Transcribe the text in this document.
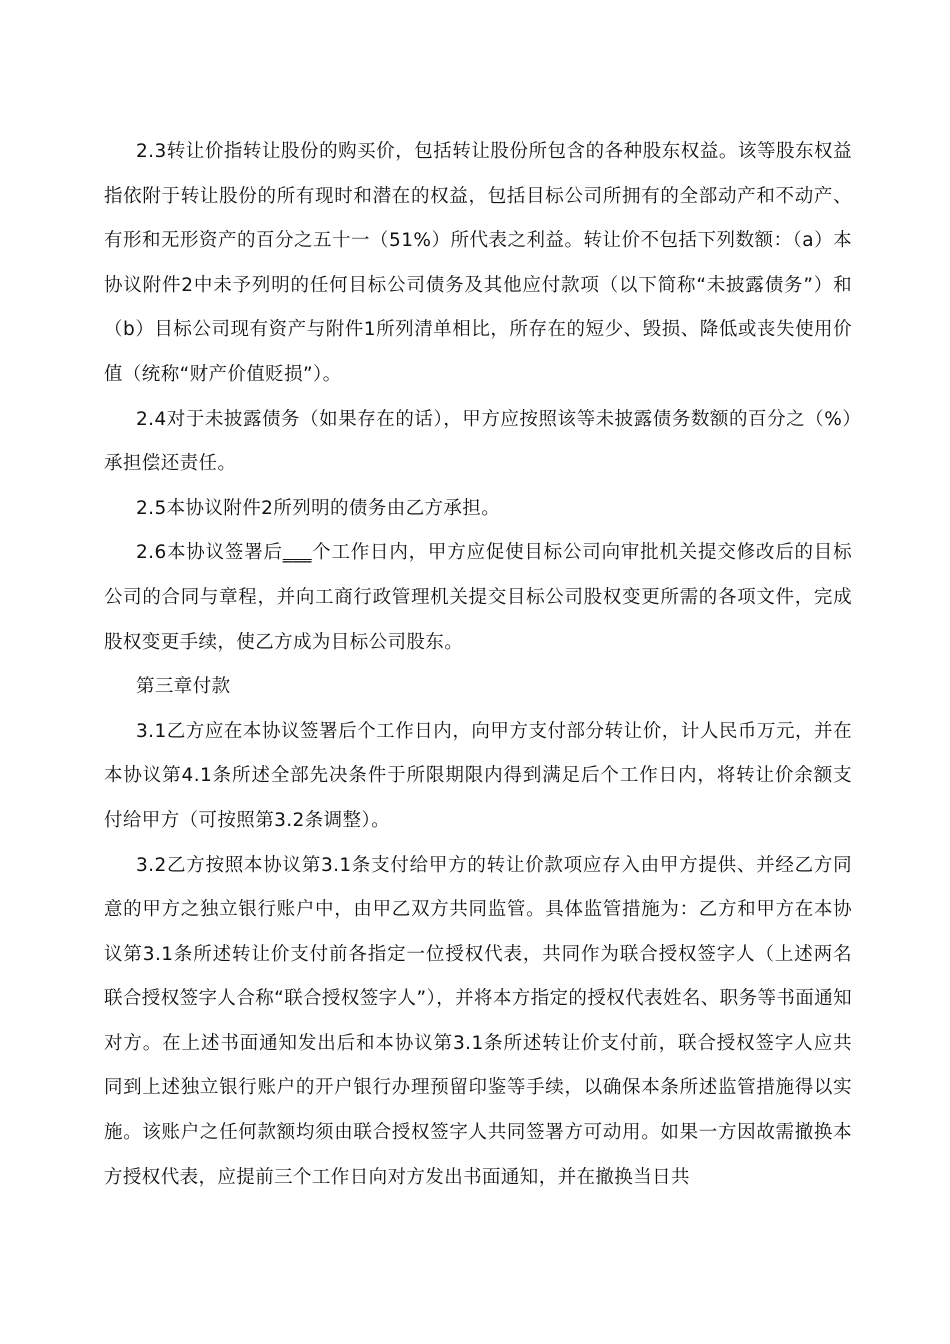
2.3转让价指转让股份的购买价，包括转让股份所包含的各种股东权益。该等股东权益指依附于转让股份的所有现时和潜在的权益，包括目标公司所拥有的全部动产和不动产、有形和无形资产的百分之五十一（51%）所代表之利益。转让价不包括下列数额：（a）本协议附件2中未予列明的任何目标公司债务及其他应付款项（以下简称“未披露债务”）和（b）目标公司现有资产与附件1所列清单相比，所存在的短少、毁损、降低或丧失使用价值（统称“财产价值贬损”）。

2.4对于未披露债务（如果存在的话），甲方应按照该等未披露债务数额的百分之（%）承担偿还责任。

2.5本协议附件2所列明的债务由乙方承担。

2.6本协议签署后___个工作日内，甲方应促使目标公司向审批机关提交修改后的目标公司的合同与章程，并向工商行政管理机关提交目标公司股权变更所需的各项文件，完成股权变更手续，使乙方成为目标公司股东。

第三章付款

3.1乙方应在本协议签署后个工作日内，向甲方支付部分转让价，计人民币万元，并在本协议第4.1条所述全部先决条件于所限期限内得到满足后个工作日内，将转让价余额支付给甲方（可按照第3.2条调整）。

3.2乙方按照本协议第3.1条支付给甲方的转让价款项应存入由甲方提供、并经乙方同意的甲方之独立银行账户中，由甲乙双方共同监管。具体监管措施为：乙方和甲方在本协议第3.1条所述转让价支付前各指定一位授权代表，共同作为联合授权签字人（上述两名联合授权签字人合称“联合授权签字人”），并将本方指定的授权代表姓名、职务等书面通知对方。在上述书面通知发出后和本协议第3.1条所述转让价支付前，联合授权签字人应共同到上述独立银行账户的开户银行办理预留印鉴等手续，以确保本条所述监管措施得以实施。该账户之任何款额均须由联合授权签字人共同签署方可动用。如果一方因故需撤换本方授权代表，应提前三个工作日向对方发出书面通知，并在撤换当日共
